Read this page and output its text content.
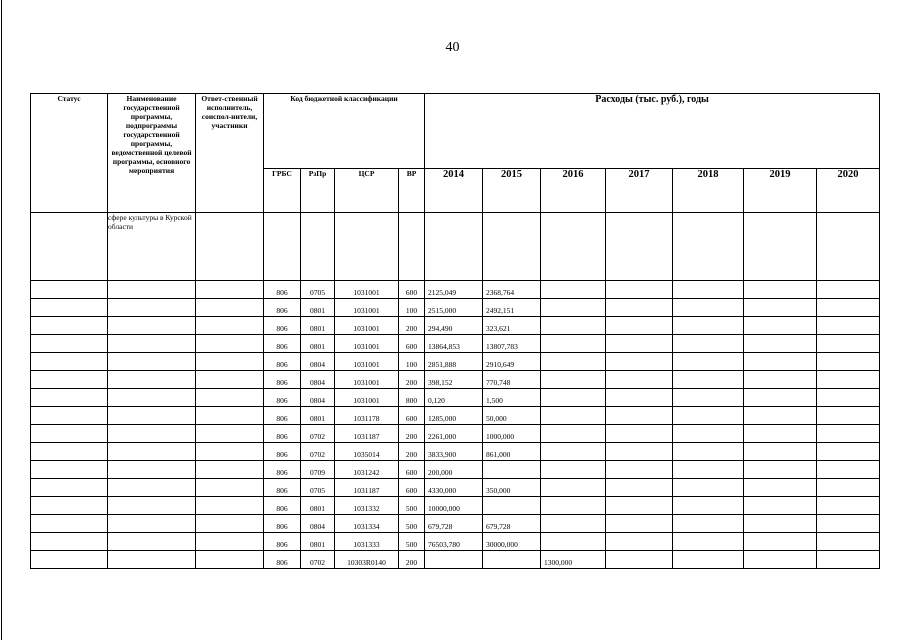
40
Статус	Наименование государственной программы, подпрограммы государственной программы, ведомственной целевой программы, основного мероприятия	Ответ-ственный исполнитель, соиспол-нители, участники	Код бюджетной классификации				Расходы (тыс. руб.), годы						
			ГРБС	РзПр	ЦСР	ВР	2014	2015	2016	2017	2018	2019	2020
	сфере культуры в Курской области												
			806	0705	1031001	600	2125,049	2368,764					
			806	0801	1031001	100	2515,000	2492,151					
			806	0801	1031001	200	294,490	323,621					
			806	0801	1031001	600	13864,853	13807,783					
			806	0804	1031001	100	2851,888	2910,649					
			806	0804	1031001	200	398,152	770,748					
			806	0804	1031001	800	0,120	1,500					
			806	0801	1031178	600	1285,000	50,000					
			806	0702	1031187	200	2261,000	1000,000					
			806	0702	1035014	200	3833,900	861,000					
			806	0709	1031242	600	200,000						
			806	0705	1031187	600	4330,000	350,000					
			806	0801	1031332	500	10000,000						
			806	0804	1031334	500	679,728	679,728					
			806	0801	1031333	500	76503,780	30000,000					
			806	0702	10303R0140	200			1300,000				
